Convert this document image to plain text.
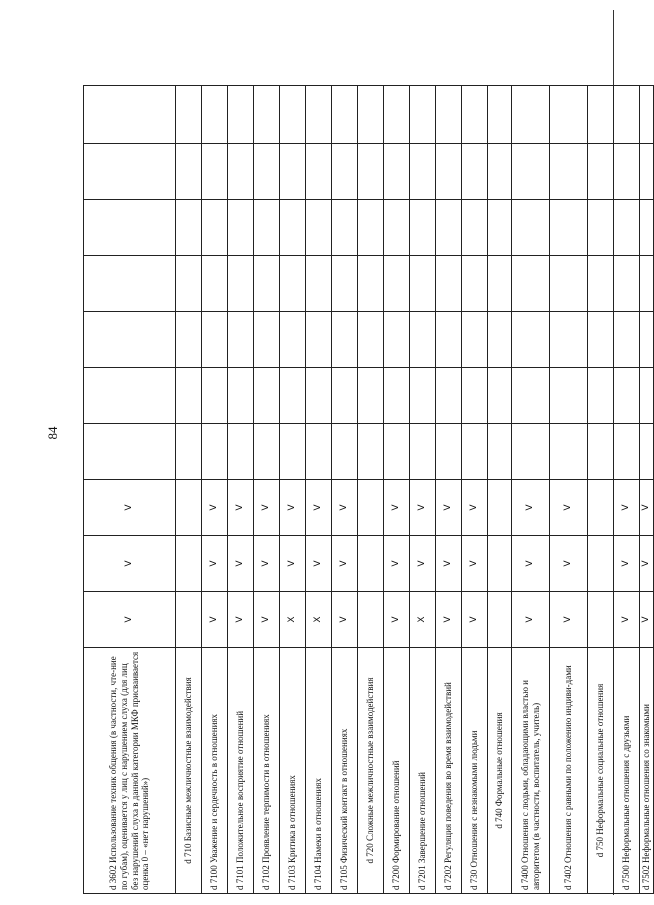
84
d 3602 Использование техник общения (в частности, чте-ние по губам), оценивается у лиц с нарушением слуха (для лиц без нарушений слуха в данной категории МКФ присваивается оценка 0 – «нет нарушений»)	V	V	V							
d 710 Базисные межличностные взаимодействия										
d 7100 Уважение и сердечность в отношениях	V	V	V							
d 7101 Положительное восприятие отношений	V	V	V							
d 7102 Проявление терпимости в отношениях	V	V	V							
d 7103 Критика в отношениях	X	V	V							
d 7104 Намеки в отношениях	X	V	V							
d 7105 Физический контакт в отношениях	V	V	V							
d 720 Сложные межличностные взаимодействия										
d 7200 Формирование отношений	V	V	V							
d 7201 Завершение отношений	X	V	V							
d 7202 Регуляция поведения во время взаимодействий	V	V	V							
d 730 Отношения с незнакомыми людьми	V	V	V							
d 740 Формальные отношения										
d 7400 Отношения с людьми, обладающими властью и авторитетом (в частности, воспитатель, учитель)	V	V	V							
d 7402 Отношения с равными по положению индиви-дами	V	V	V							
d 750 Неформальные социальные отношения										
d 7500 Неформальные отношения с друзьями	V	V	V							
d 7502 Неформальные отношения со знакомыми	V	V	V							
